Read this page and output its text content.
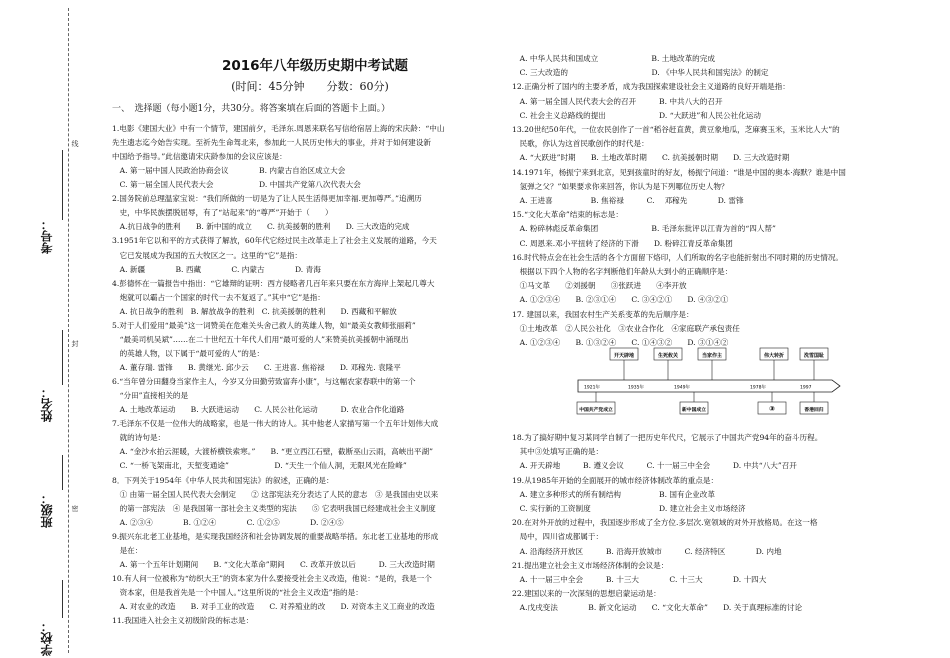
线
封
密
考号：
姓名：
班级：
学校：
2016年八年级历史期中考试题
(时间：45分钟　　分数：60分)
一、　选择题（每小题1分，共30分。将答案填在后面的答题卡上面。）
1.电影《建国大业》中有一个情节，建国前夕，毛泽东.周恩来联名写信给宿居上海的宋庆龄：“中山
先生遗志迄今始告实现。至祈先生命驾北来，参加此一人民历史伟大的事业，并对于如何建设新
中国给予指导。”此信邀请宋庆龄参加的会议应该是：
　A. 第一届中国人民政治协商会议　　　　B. 内蒙古自治区成立大会
　C. 第一届全国人民代表大会　　　　　　D. 中国共产党第八次代表大会
2.国务院前总理温家宝说：“我们所做的一切是为了让人民生活得更加幸福.更加尊严。”追溯历
　史，中华民族摆脱屈辱，有了“站起来”的“尊严”开始于（　　）
　A.抗日战争的胜利　　B. 新中国的成立　　C. 抗美援朝的胜利　　D. 三大改造的完成
3.1951年它以和平的方式获得了解放，60年代它经过民主改革走上了社会主义发展的道路，今天
　它已发展成为我国的五大牧区之一。这里的“它”是指：
　A. 新疆　　　　B. 西藏　　　　C. 内蒙古　　　　D. 青海
4.彭德怀在一篇报告中指出：“它雄辩的证明：西方侵略者几百年来只要在东方海岸上架起几尊大
　炮就可以霸占一个国家的时代一去不复返了。”其中“它”是指：
　A. 抗日战争的胜利　B. 解放战争的胜利　C. 抗美援朝的胜利　　D. 西藏和平解放
5.对于人们爱用“最美”这一词赞美在危难关头舍己救人的英雄人物，如“最美女教师张丽莉”
　“最美司机吴斌”……在二十世纪五十年代人们用“最可爱的人”来赞美抗美援朝中涌现出
　的英雄人物，以下属于“最可爱的人”的是：
　A. 董存瑞. 雷锋　　B. 黄继光. 邱少云　　C. 王进喜. 焦裕禄　　D. 邓稼先. 袁隆平
6.“当年曾分田翻身当家作主人，今岁又分田勤劳致富奔小康”，与这幅农家春联中的第一个
　“分田”直接相关的是
　A. 土地改革运动　　B. 大跃进运动　　C. 人民公社化运动　　　D. 农业合作化道路
7.毛泽东不仅是一位伟大的战略家，也是一伟大的诗人。其中他老人家描写第一个五年计划伟大成
　就的诗句是：
　A. “金沙水拍云涯暖，大渡桥横铁索寒。”　　B. “更立西江石壁，截断巫山云雨，高峡出平湖”
　C. “一桥飞架南北，天堑变通途”　　　　　　D. “天生一个仙人洞，无限风光在险峰”
8．下列关于1954年《中华人民共和国宪法》的叙述，正确的是：
　① 由第一届全国人民代表大会制定　　② 这部宪法充分表达了人民的意志　③ 是我国由史以来
　的第一部宪法　④ 是我国第一部社会主义类型的宪法　　⑤ 它表明我国已经建成社会主义制度
　A. ②③④　　　　B. ①②④　　　　C. ①②⑤　　　　D. ②④⑤
9.振兴东北老工业基地，是实现我国经济和社会协调发展的重要战略举措。东北老工业基地的形成
　是在：
　A. 第一个五年计划期间　　B. “文化大革命”期间　　C. 改革开放以后　　　D. 三大改造时期
10.有人问一位被称为“纺织大王”的资本家为什么要接受社会主义改造，他说：“是的，我是一个
　资本家，但是我首先是一个中国人。”这里所说的“社会主义改造”指的是：
　A. 对农业的改造　　B. 对手工业的改造　　C. 对养殖业的改　　D. 对资本主义工商业的改造
11.我国进入社会主义初级阶段的标志是：
　A. 中华人民共和国成立　　　　　　　B. 土地改革的完成
　C. 三大改造的　　　　　　　　　　　D. 《中华人民共和国宪法》的制定
12.正确分析了国内的主要矛盾，成为我国探索建设社会主义道路的良好开端是指：
　A. 第一届全国人民代表大会的召开　　　B. 中共八大的召开
　C. 社会主义总路线的提出　　　　　　　D. “大跃进”和人民公社化运动
13.20世纪50年代，一位农民创作了一首“稻谷赶直黄，黄豆象地瓜，芝麻赛玉米，玉米比人大”的
　民歌，你认为这首民歌创作的时代是：
　A. “大跃进”时期　　B. 土地改革时期　　C. 抗美援朝时期　　D. 三大改造时期
14.1971年，杨振宁来到北京，见到孩童时的好友，杨振宁问道：“谁是中国的奥本·海默？谁是中国
　氢弹之父？”如果要求你来回答，你认为是下列哪位历史人物？
　A. 王进喜　　　　　B. 焦裕禄　　　C. 　邓稼先　　　　D. 雷锋
15.“文化大革命”结束的标志是：
　A. 粉碎林彪反革命集团　　　　　　　B. 毛泽东批评以江青为首的“四人帮”
　C. 周恩来.邓小平扭转了经济的下滑　　D. 粉碎江青反革命集团
16.时代特点会在社会生活的各个方面留下烙印，人们所取的名字也能折射出不同时期的历史情况。
　根据以下四个人物的名字判断他们年龄从大到小的正确顺序是：
　①马文革　　②刘援朝　　③张跃进　　④李开放
　A. ①②③④　　B. ②③①④　　C. ③④②①　　D. ④③②①
17. 建国以来，我国农村生产关系变革的先后顺序是：
　①土地改革　②人民公社化　③农业合作化　④家庭联产承包责任
　A. ①②③④　　B. ①③②④　　C. ①④③②　　D. ③①④②
18.为了搞好期中复习某同学自制了一把历史年代尺，它展示了中国共产党94年的奋斗历程。
　其中③处填写正确的是：
　A. 开天辟地　　　B. 遵义会议　　　C. 十一届三中全会　　　D. 中共“八大”召开
19.从1985年开始的全面展开的城市经济体制改革的重点是：
　A. 建立多种形式的所有制结构　　　　　B. 国有企业改革
　C. 实行新的工资制度　　　　　　　　　D. 建立社会主义市场经济
20.在对外开放的过程中，我国逐步形成了全方位.多层次.宽领域的对外开放格局。在这一格
　局中，四川省成都属于：
　A. 沿海经济开放区　　　B. 沿海开放城市　　　C. 经济特区　　　　D. 内地
21.提出建立社会主义市场经济体制的会议是：
　A. 十一届三中全会　　　B. 十三大　　　　C. 十三大　　　　D. 十四大
22.建国以来的一次深刻的思想启蒙运动是：
　A.戊戌变法　　　　B. 新文化运动　　C. “文化大革命”　　D. 关于真理标准的讨论
开天辟地	生死攸关	当家作主	伟大转折	洗雪国耻
1921年	1935年	1949年	1978年	1997
中国共产党成立	新中国成立	③	香港回归
